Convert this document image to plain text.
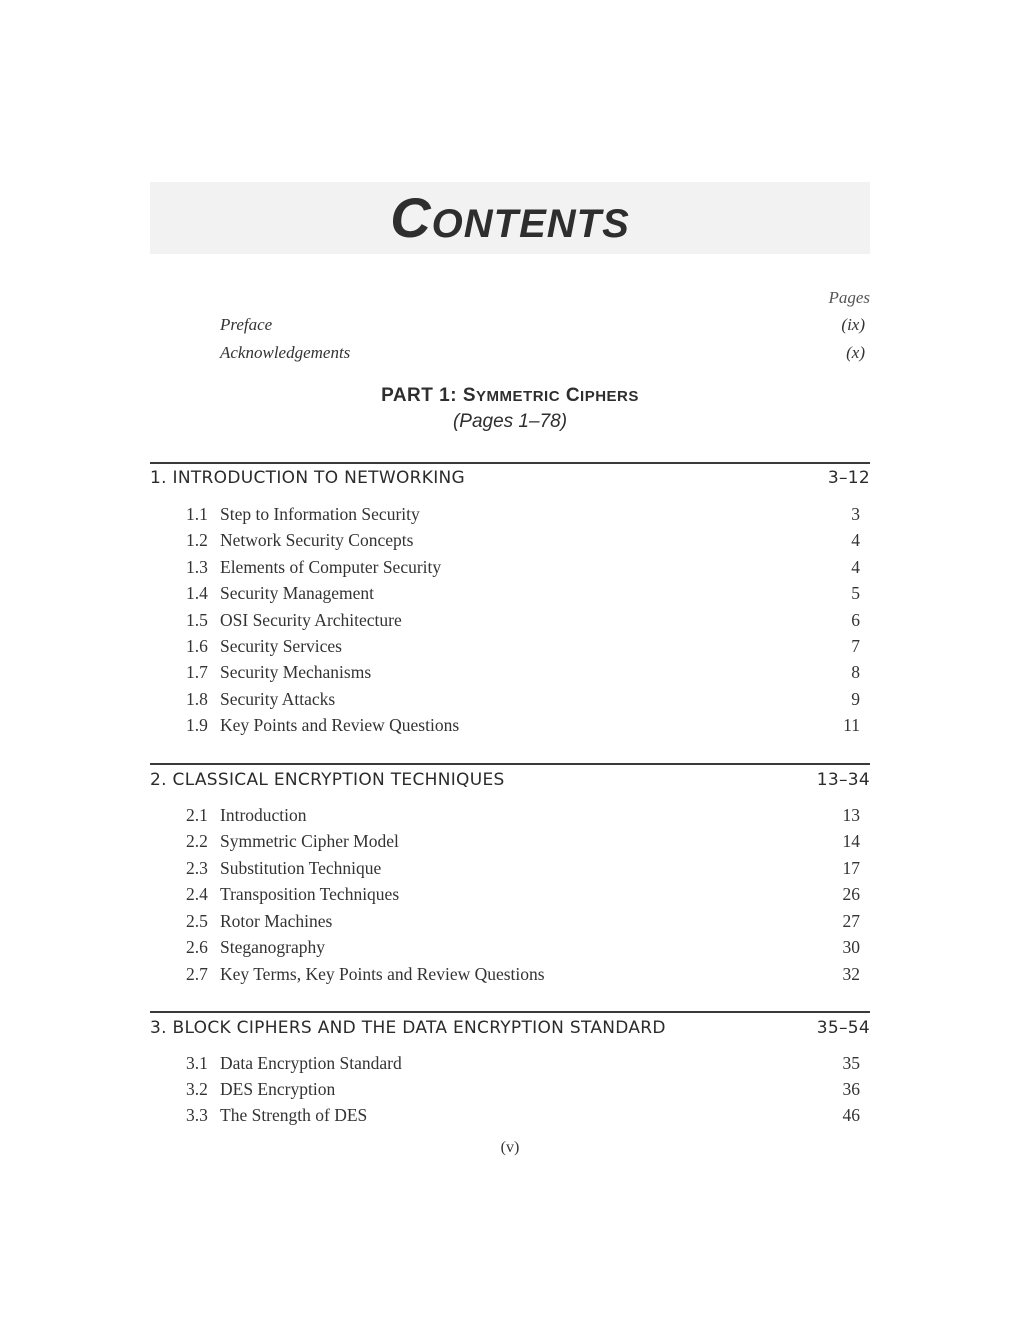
CONTENTS
Pages
Preface	(ix)
Acknowledgements	(x)
PART 1: SYMMETRIC CIPHERS
(Pages 1–78)
1. INTRODUCTION TO NETWORKING	3–12
1.1 Step to Information Security	3
1.2 Network Security Concepts	4
1.3 Elements of Computer Security	4
1.4 Security Management	5
1.5 OSI Security Architecture	6
1.6 Security Services	7
1.7 Security Mechanisms	8
1.8 Security Attacks	9
1.9 Key Points and Review Questions	11
2. CLASSICAL ENCRYPTION TECHNIQUES	13–34
2.1 Introduction	13
2.2 Symmetric Cipher Model	14
2.3 Substitution Technique	17
2.4 Transposition Techniques	26
2.5 Rotor Machines	27
2.6 Steganography	30
2.7 Key Terms, Key Points and Review Questions	32
3. BLOCK CIPHERS AND THE DATA ENCRYPTION STANDARD	35–54
3.1 Data Encryption Standard	35
3.2 DES Encryption	36
3.3 The Strength of DES	46
(v)
